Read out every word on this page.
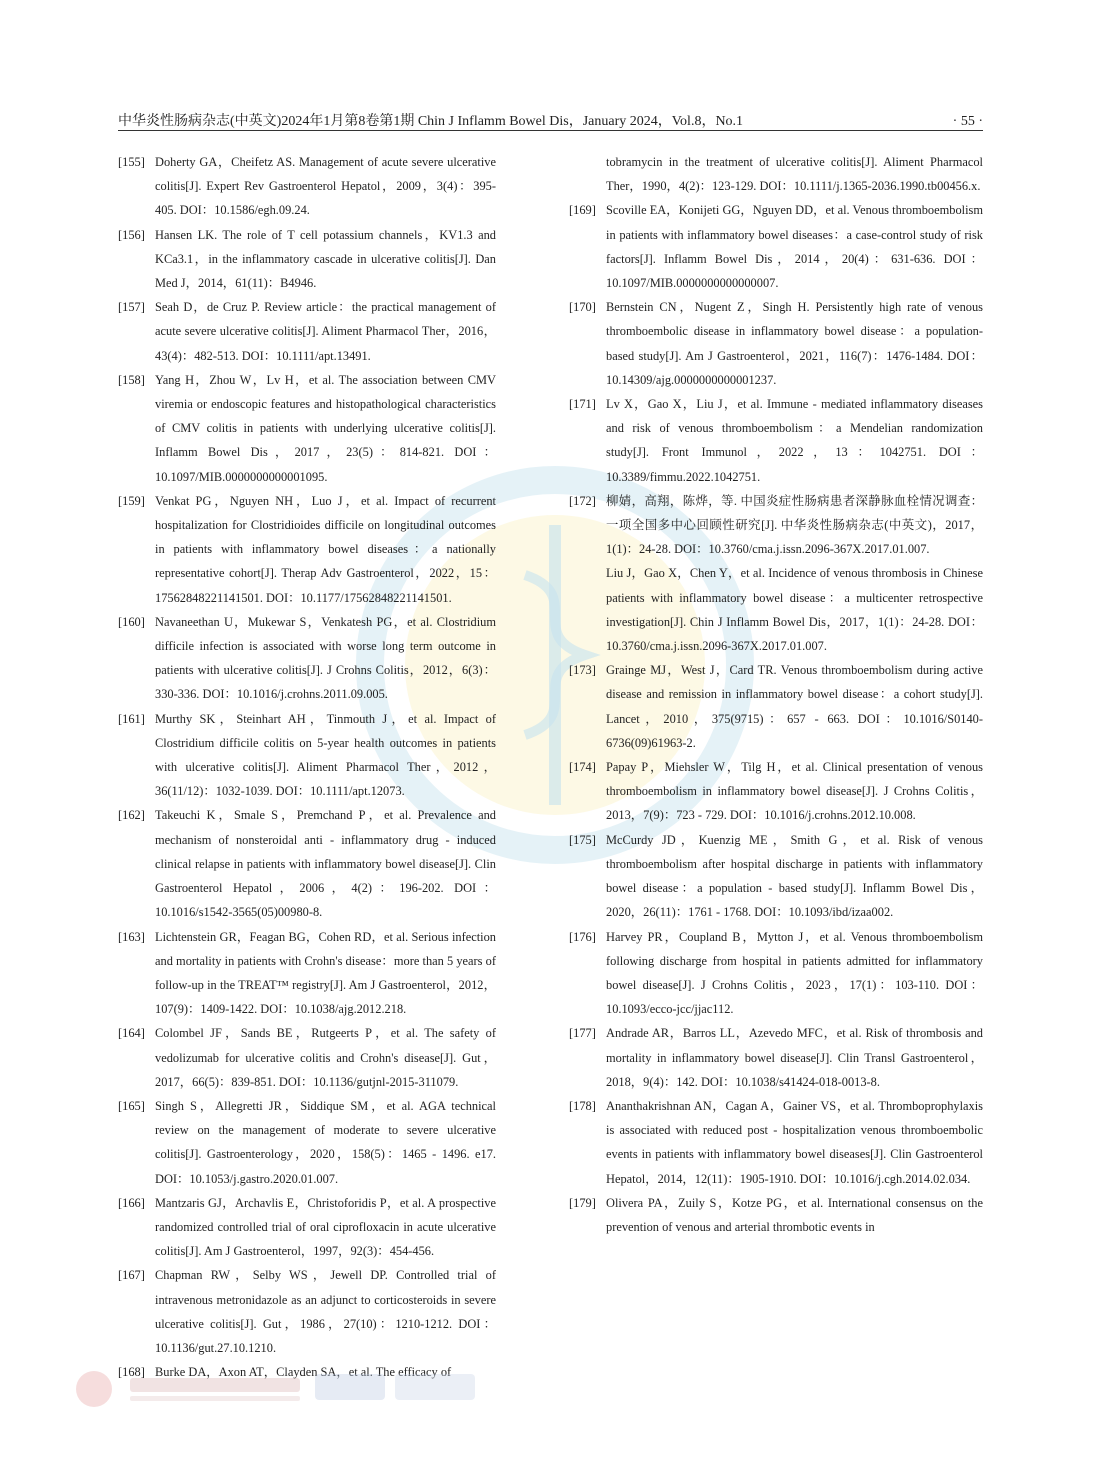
中华炎性肠病杂志(中英文)2024年1月第8卷第1期 Chin J Inflamm Bowel Dis，January 2024，Vol.8，No.1	· 55 ·
[155] Doherty GA，Cheifetz AS. Management of acute severe ulcerative colitis[J]. Expert Rev Gastroenterol Hepatol，2009，3(4)：395-405. DOI：10.1586/egh.09.24.
[156] Hansen LK. The role of T cell potassium channels，KV1.3 and KCa3.1，in the inflammatory cascade in ulcerative colitis[J]. Dan Med J，2014，61(11)：B4946.
[157] Seah D，de Cruz P. Review article：the practical management of acute severe ulcerative colitis[J]. Aliment Pharmacol Ther，2016，43(4)：482-513. DOI：10.1111/apt.13491.
[158] Yang H，Zhou W，Lv H，et al. The association between CMV viremia or endoscopic features and histopathological characteristics of CMV colitis in patients with underlying ulcerative colitis[J]. Inflamm Bowel Dis，2017，23(5)：814-821. DOI：10.1097/MIB.0000000000001095.
[159] Venkat PG，Nguyen NH，Luo J，et al. Impact of recurrent hospitalization for Clostridioides difficile on longitudinal outcomes in patients with inflammatory bowel diseases：a nationally representative cohort[J]. Therap Adv Gastroenterol，2022，15：17562848221141501. DOI：10.1177/17562848221141501.
[160] Navaneethan U，Mukewar S，Venkatesh PG，et al. Clostridium difficile infection is associated with worse long term outcome in patients with ulcerative colitis[J]. J Crohns Colitis，2012，6(3)：330-336. DOI：10.1016/j.crohns.2011.09.005.
[161] Murthy SK，Steinhart AH，Tinmouth J，et al. Impact of Clostridium difficile colitis on 5-year health outcomes in patients with ulcerative colitis[J]. Aliment Pharmacol Ther，2012，36(11/12)：1032-1039. DOI：10.1111/apt.12073.
[162] Takeuchi K，Smale S，Premchand P，et al. Prevalence and mechanism of nonsteroidal anti - inflammatory drug - induced clinical relapse in patients with inflammatory bowel disease[J]. Clin Gastroenterol Hepatol，2006，4(2)：196-202. DOI：10.1016/s1542-3565(05)00980-8.
[163] Lichtenstein GR，Feagan BG，Cohen RD，et al. Serious infection and mortality in patients with Crohn's disease：more than 5 years of follow-up in the TREAT™ registry[J]. Am J Gastroenterol，2012，107(9)：1409-1422. DOI：10.1038/ajg.2012.218.
[164] Colombel JF，Sands BE，Rutgeerts P，et al. The safety of vedolizumab for ulcerative colitis and Crohn's disease[J]. Gut，2017，66(5)：839-851. DOI：10.1136/gutjnl-2015-311079.
[165] Singh S，Allegretti JR，Siddique SM，et al. AGA technical review on the management of moderate to severe ulcerative colitis[J]. Gastroenterology，2020，158(5)：1465 - 1496. e17. DOI：10.1053/j.gastro.2020.01.007.
[166] Mantzaris GJ，Archavlis E，Christoforidis P，et al. A prospective randomized controlled trial of oral ciprofloxacin in acute ulcerative colitis[J]. Am J Gastroenterol，1997，92(3)：454-456.
[167] Chapman RW，Selby WS，Jewell DP. Controlled trial of intravenous metronidazole as an adjunct to corticosteroids in severe ulcerative colitis[J]. Gut，1986，27(10)：1210-1212. DOI：10.1136/gut.27.10.1210.
[168] Burke DA，Axon AT，Clayden SA，et al. The efficacy of
tobramycin in the treatment of ulcerative colitis[J]. Aliment Pharmacol Ther，1990，4(2)：123-129. DOI：10.1111/j.1365-2036.1990.tb00456.x.
[169] Scoville EA，Konijeti GG，Nguyen DD，et al. Venous thromboembolism in patients with inflammatory bowel diseases：a case-control study of risk factors[J]. Inflamm Bowel Dis，2014，20(4)：631-636. DOI：10.1097/MIB.0000000000000007.
[170] Bernstein CN，Nugent Z，Singh H. Persistently high rate of venous thromboembolic disease in inflammatory bowel disease：a population-based study[J]. Am J Gastroenterol，2021，116(7)：1476-1484. DOI：10.14309/ajg.0000000000001237.
[171] Lv X，Gao X，Liu J，et al. Immune - mediated inflammatory diseases and risk of venous thromboembolism：a Mendelian randomization study[J]. Front Immunol，2022，13：1042751. DOI：10.3389/fimmu.2022.1042751.
[172] 柳婧，高翔，陈烨，等. 中国炎症性肠病患者深静脉血栓情况调查：一项全国多中心回顾性研究[J]. 中华炎性肠病杂志(中英文)，2017，1(1)：24-28. DOI：10.3760/cma.j.issn.2096-367X.2017.01.007.
Liu J，Gao X，Chen Y，et al. Incidence of venous thrombosis in Chinese patients with inflammatory bowel disease：a multicenter retrospective investigation[J]. Chin J Inflamm Bowel Dis，2017，1(1)：24-28. DOI：10.3760/cma.j.issn.2096-367X.2017.01.007.
[173] Grainge MJ，West J，Card TR. Venous thromboembolism during active disease and remission in inflammatory bowel disease：a cohort study[J]. Lancet，2010，375(9715)：657 - 663. DOI：10.1016/S0140-6736(09)61963-2.
[174] Papay P，Miehsler W，Tilg H，et al. Clinical presentation of venous thromboembolism in inflammatory bowel disease[J]. J Crohns Colitis，2013，7(9)：723 - 729. DOI：10.1016/j.crohns.2012.10.008.
[175] McCurdy JD，Kuenzig ME，Smith G，et al. Risk of venous thromboembolism after hospital discharge in patients with inflammatory bowel disease：a population - based study[J]. Inflamm Bowel Dis，2020，26(11)：1761 - 1768. DOI：10.1093/ibd/izaa002.
[176] Harvey PR，Coupland B，Mytton J，et al. Venous thromboembolism following discharge from hospital in patients admitted for inflammatory bowel disease[J]. J Crohns Colitis，2023，17(1)：103-110. DOI：10.1093/ecco-jcc/jjac112.
[177] Andrade AR，Barros LL，Azevedo MFC，et al. Risk of thrombosis and mortality in inflammatory bowel disease[J]. Clin Transl Gastroenterol，2018，9(4)：142. DOI：10.1038/s41424-018-0013-8.
[178] Ananthakrishnan AN，Cagan A，Gainer VS，et al. Thromboprophylaxis is associated with reduced post - hospitalization venous thromboembolic events in patients with inflammatory bowel diseases[J]. Clin Gastroenterol Hepatol，2014，12(11)：1905-1910. DOI：10.1016/j.cgh.2014.02.034.
[179] Olivera PA，Zuily S，Kotze PG，et al. International consensus on the prevention of venous and arterial thrombotic events in
